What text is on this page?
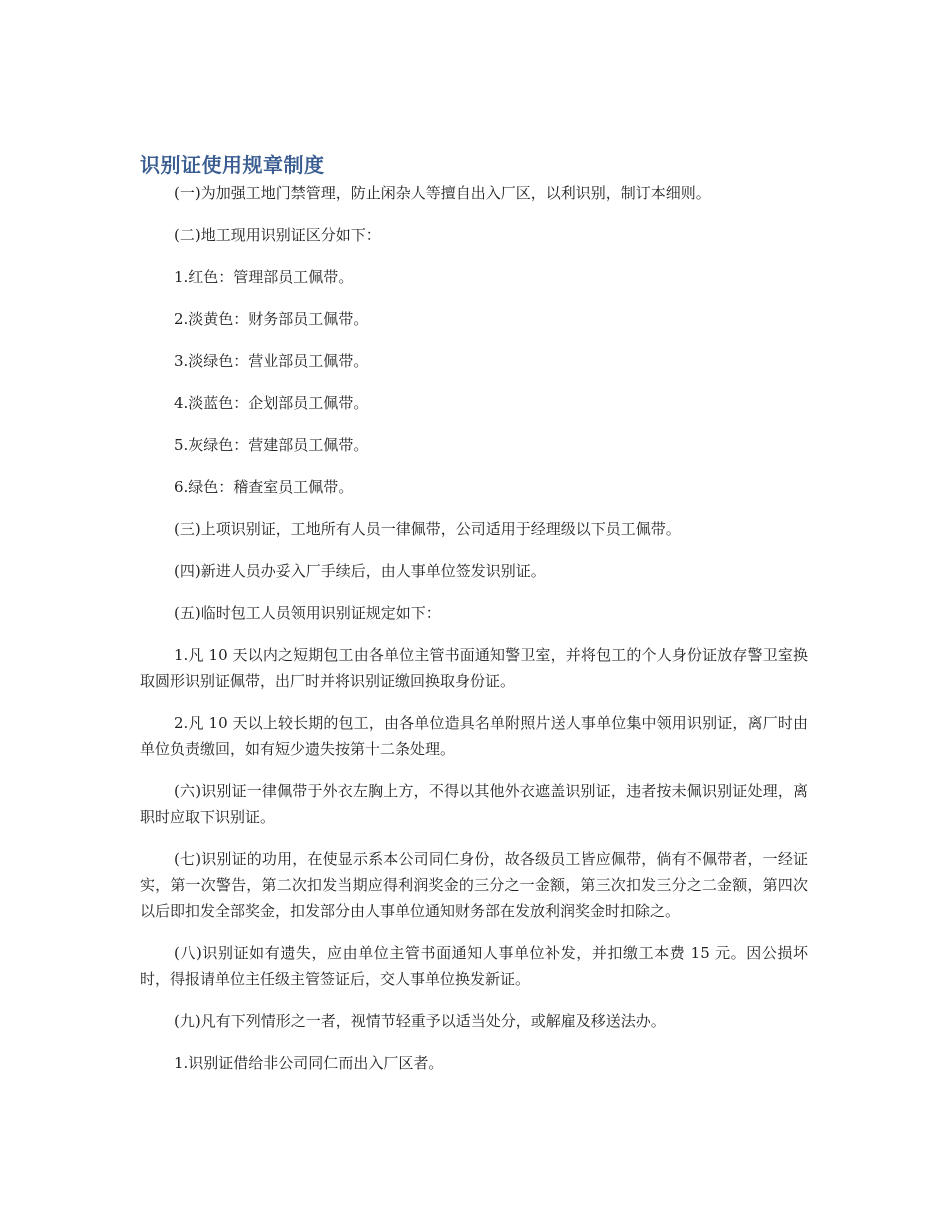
识别证使用规章制度

(一)为加强工地门禁管理，防止闲杂人等擅自出入厂区，以利识别，制订本细则。

(二)地工现用识别证区分如下：

1.红色：管理部员工佩带。

2.淡黄色：财务部员工佩带。

3.淡绿色：营业部员工佩带。

4.淡蓝色：企划部员工佩带。

5.灰绿色：营建部员工佩带。

6.绿色：稽查室员工佩带。

(三)上项识别证，工地所有人员一律佩带，公司适用于经理级以下员工佩带。

(四)新进人员办妥入厂手续后，由人事单位签发识别证。

(五)临时包工人员领用识别证规定如下：

1.凡 10 天以内之短期包工由各单位主管书面通知警卫室，并将包工的个人身份证放存警卫室换取圆形识别证佩带，出厂时并将识别证缴回换取身份证。

2.凡 10 天以上较长期的包工，由各单位造具名单附照片送人事单位集中领用识别证，离厂时由单位负责缴回，如有短少遗失按第十二条处理。

(六)识别证一律佩带于外衣左胸上方，不得以其他外衣遮盖识别证，违者按未佩识别证处理，离职时应取下识别证。

(七)识别证的功用，在使显示系本公司同仁身份，故各级员工皆应佩带，倘有不佩带者，一经证实，第一次警告，第二次扣发当期应得利润奖金的三分之一金额，第三次扣发三分之二金额，第四次以后即扣发全部奖金，扣发部分由人事单位通知财务部在发放利润奖金时扣除之。

(八)识别证如有遗失，应由单位主管书面通知人事单位补发，并扣缴工本费 15 元。因公损坏时，得报请单位主任级主管签证后，交人事单位换发新证。

(九)凡有下列情形之一者，视情节轻重予以适当处分，或解雇及移送法办。

1.识别证借给非公司同仁而出入厂区者。
